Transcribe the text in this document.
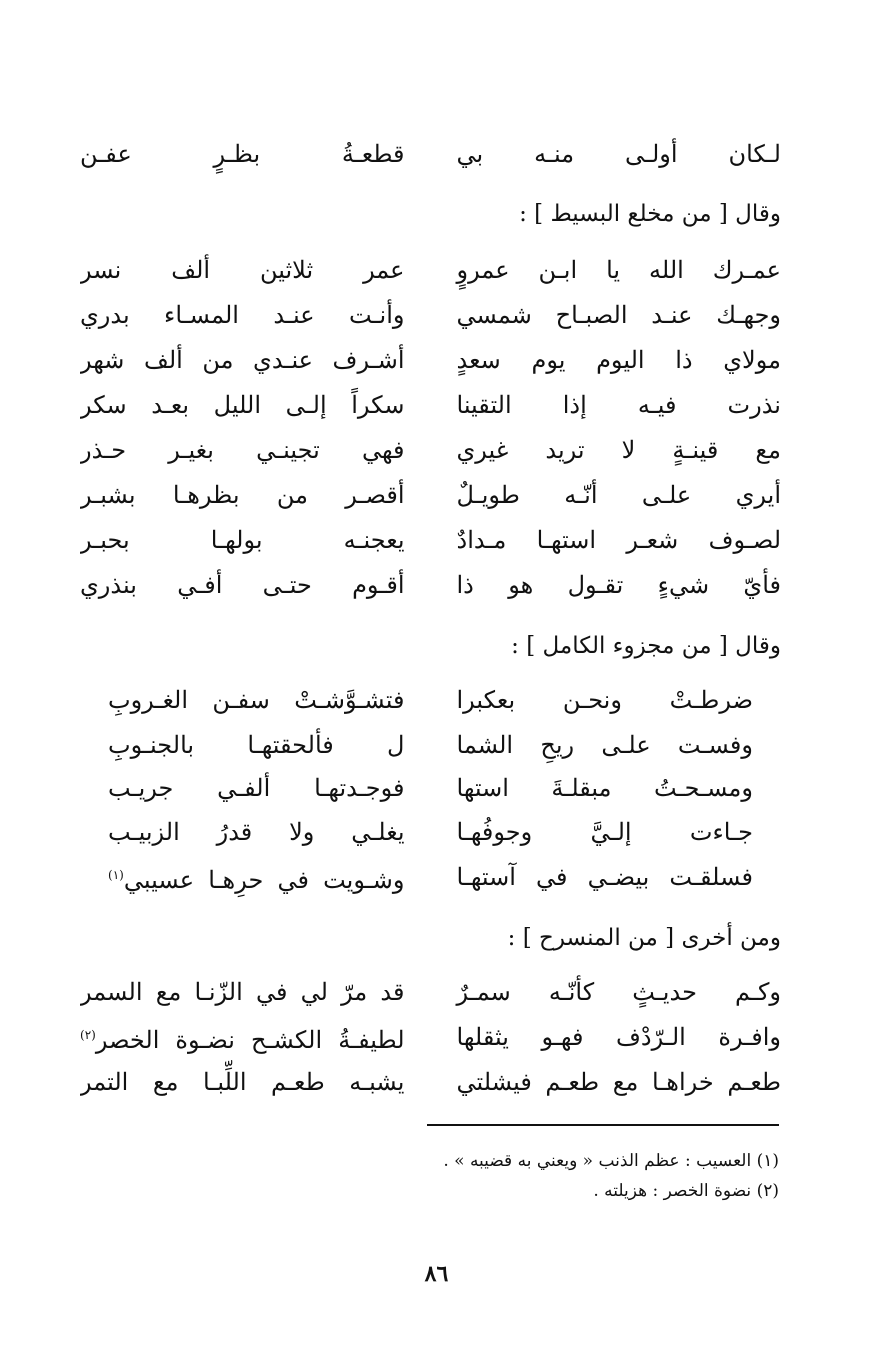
لـكان أولـى منـه بي
قطعـةُ بظـرٍ عفـن
وقال [ من مخلع البسيط ] :
عمـرك الله يا ابـن عمروٍ
عمر ثلاثين ألف نسر
وجهـك عنـد الصبـاح شمسي
وأنـت عنـد المسـاء بدري
مولاي ذا اليوم يوم سعدٍ
أشـرف عنـدي من ألف شهر
نذرت فيـه إذا التقينا
سكراً إلـى الليل بعـد سكر
مع قينـةٍ لا تريد غيري
فهي تجينـي بغيـر حـذر
أيري علـى أنّـه طويـلٌ
أقصـر من بظرهـا بشبـر
لصـوف شعـر استهـا مـدادٌ
يعجنـه بولهـا بحبـر
فأيّ شيءٍ تقـول هو ذا
أقـوم حتـى أفـي بنذري
وقال [ من مجزوء الكامل ] :
ضرطـتْ ونحـن بعكبرا
فتشـوَّشـتْ سفـن الغـروبِ
وفسـت علـى ريحِ الشما
ل فألحقتهـا بالجنـوبِ
ومسـحـتُ مبقلـةَ استها
فوجـدتهـا ألفـي جريـب
جـاءت إلـيَّ وجوفُهـا
يغلـي ولا قدرُ الزبيـب
فسلقـت بيضـي في آستهـا
وشـويت في حرِهـا عسيبي$^{(١)}$
ومن أخرى [ من المنسرح ] :
وكـم حديـثٍ كأنّـه سمـرٌ
قد مرّ لي في الزّنـا مع السمر
وافـرة الـرّدْف فهـو يثقلها
لطيفـةُ الكشـح نضـوة الخصر$^{(٢)}$
طعـم خراهـا مع طعـم فيشلتي
يشبـه طعـم اللِّبـا مع التمر
(١) العسيب : عظم الذنب « ويعني به قضيبه » .
(٢) نضوة الخصر : هزيلته .
٨٦
